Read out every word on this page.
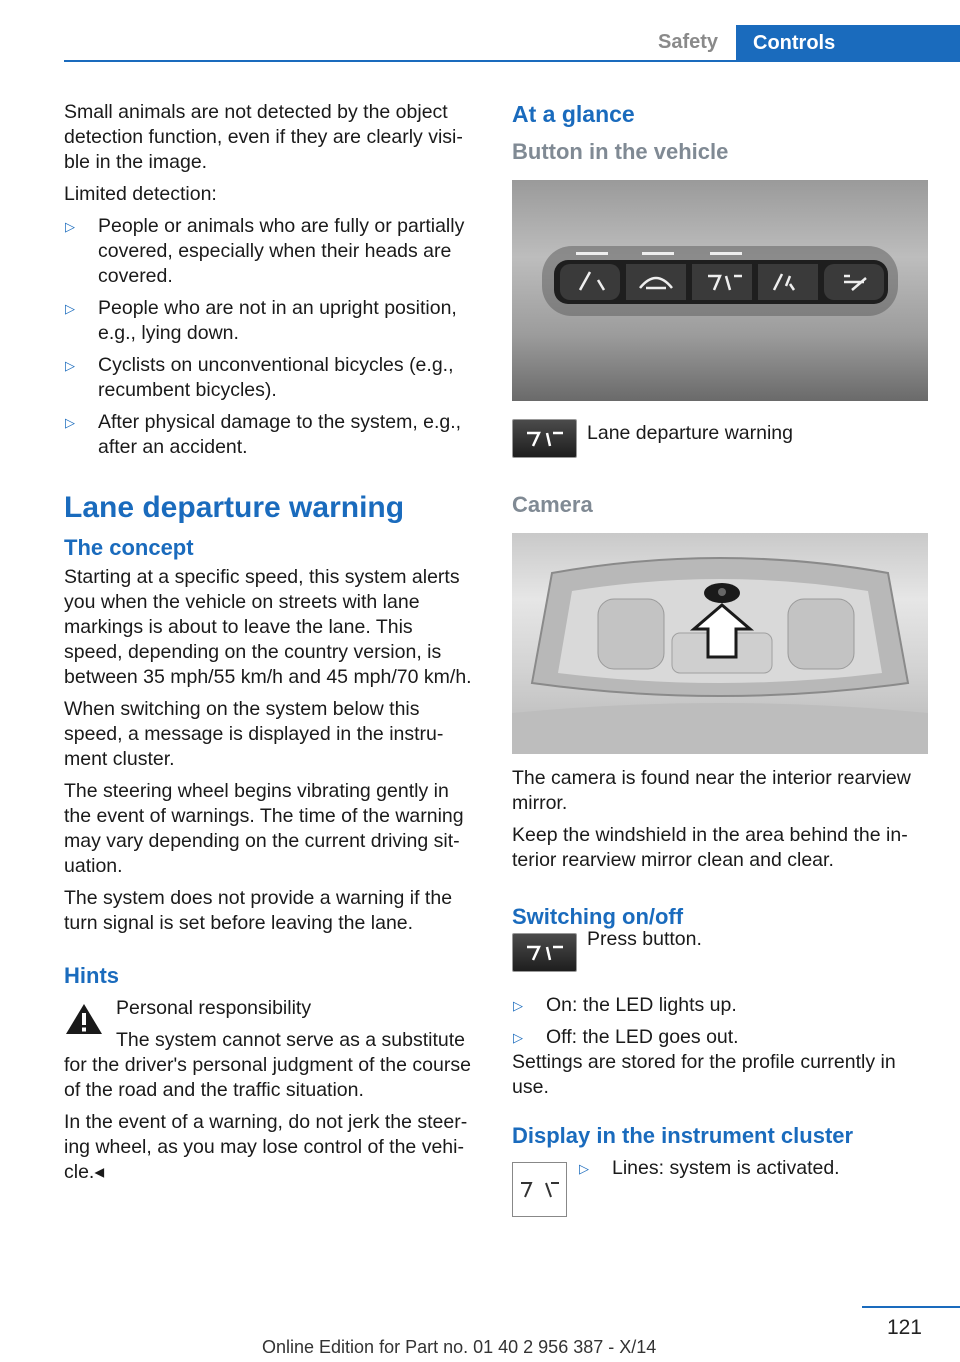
Safety	Controls

Small animals are not detected by the object detection function, even if they are clearly visible in the image.

Limited detection:

▷ People or animals who are fully or partially covered, especially when their heads are covered.
▷ People who are not in an upright position, e.g., lying down.
▷ Cyclists on unconventional bicycles (e.g., recumbent bicycles).
▷ After physical damage to the system, e.g., after an accident.
Lane departure warning
The concept

Starting at a specific speed, this system alerts you when the vehicle on streets with lane markings is about to leave the lane. This speed, depending on the country version, is between 35 mph/55 km/h and 45 mph/70 km/h.

When switching on the system below this speed, a message is displayed in the instrument cluster.

The steering wheel begins vibrating gently in the event of warnings. The time of the warning may vary depending on the current driving situation.

The system does not provide a warning if the turn signal is set before leaving the lane.

Hints

Personal responsibility

The system cannot serve as a substitute for the driver's personal judgment of the course of the road and the traffic situation.

In the event of a warning, do not jerk the steering wheel, as you may lose control of the vehicle.◂

At a glance
Button in the vehicle

Lane departure warning

Camera

The camera is found near the interior rearview mirror.

Keep the windshield in the area behind the interior rearview mirror clean and clear.

Switching on/off

Press button.

▷ On: the LED lights up.
▷ Off: the LED goes out.

Settings are stored for the profile currently in use.

Display in the instrument cluster
▷ Lines: system is activated.
121
Online Edition for Part no. 01 40 2 956 387 - X/14
